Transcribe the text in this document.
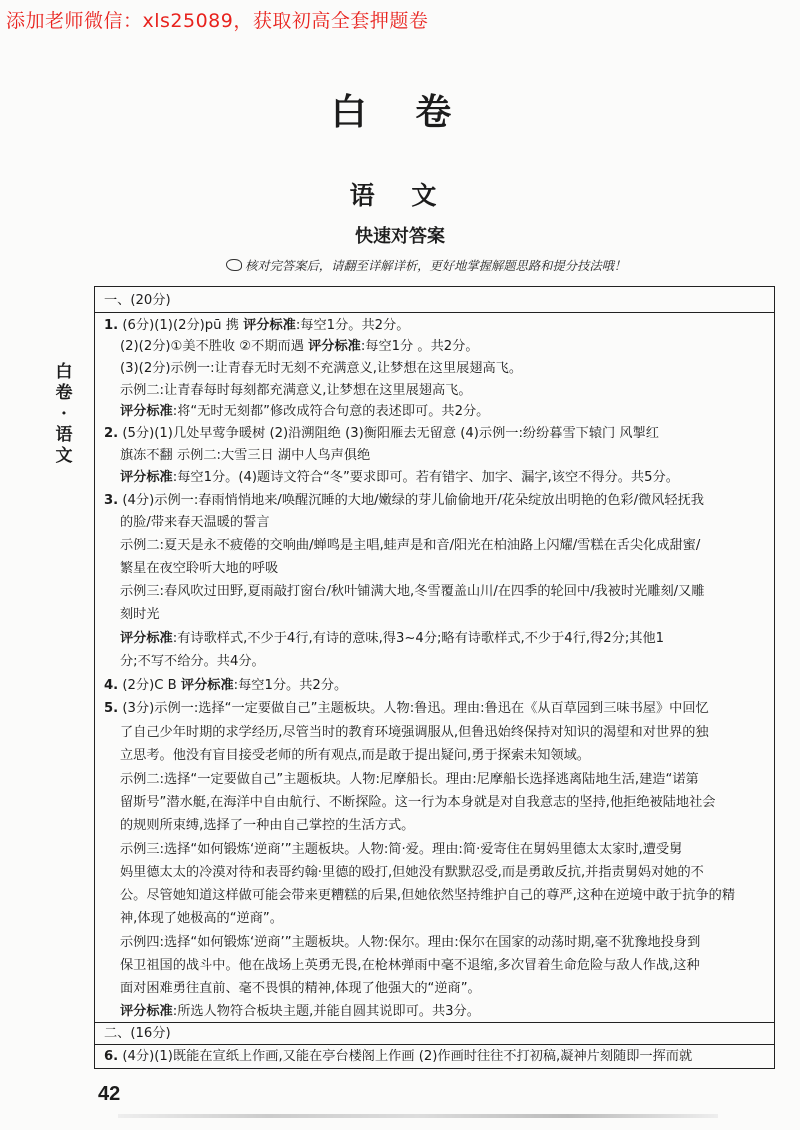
添加老师微信：xls25089，获取初高全套押题卷
白 卷
语 文
快速对答案
核对完答案后，请翻至详解详析，更好地掌握解题思路和提分技法哦！
白
卷
·
语
文
一、(20分)
1. (6分)(1)(2分)pū 携 评分标准:每空1分。共2分。
(2)(2分)①美不胜收 ②不期而遇 评分标准:每空1分 。共2分。
(3)(2分)示例一:让青春无时无刻不充满意义,让梦想在这里展翅高飞。
示例二:让青春每时每刻都充满意义,让梦想在这里展翅高飞。
评分标准:将“无时无刻都”修改成符合句意的表述即可。共2分。
2. (5分)(1)几处早莺争暖树 (2)沿溯阻绝 (3)衡阳雁去无留意 (4)示例一:纷纷暮雪下辕门 风掣红
旗冻不翻 示例二:大雪三日 湖中人鸟声俱绝
评分标准:每空1分。(4)题诗文符合“冬”要求即可。若有错字、加字、漏字,该空不得分。共5分。
3. (4分)示例一:春雨悄悄地来/唤醒沉睡的大地/嫩绿的芽儿偷偷地开/花朵绽放出明艳的色彩/微风轻抚我
的脸/带来春天温暖的誓言
示例二:夏天是永不疲倦的交响曲/蝉鸣是主唱,蛙声是和音/阳光在柏油路上闪耀/雪糕在舌尖化成甜蜜/
繁星在夜空聆听大地的呼吸
示例三:春风吹过田野,夏雨敲打窗台/秋叶铺满大地,冬雪覆盖山川/在四季的轮回中/我被时光雕刻/又雕
刻时光
评分标准:有诗歌样式,不少于4行,有诗的意味,得3~4分;略有诗歌样式,不少于4行,得2分;其他1
分;不写不给分。共4分。
4. (2分)C B 评分标准:每空1分。共2分。
5. (3分)示例一:选择“一定要做自己”主题板块。人物:鲁迅。理由:鲁迅在《从百草园到三味书屋》中回忆
了自己少年时期的求学经历,尽管当时的教育环境强调服从,但鲁迅始终保持对知识的渴望和对世界的独
立思考。他没有盲目接受老师的所有观点,而是敢于提出疑问,勇于探索未知领域。
示例二:选择“一定要做自己”主题板块。人物:尼摩船长。理由:尼摩船长选择逃离陆地生活,建造“诺第
留斯号”潜水艇,在海洋中自由航行、不断探险。这一行为本身就是对自我意志的坚持,他拒绝被陆地社会
的规则所束缚,选择了一种由自己掌控的生活方式。
示例三:选择“如何锻炼‘逆商’”主题板块。人物:简·爱。理由:简·爱寄住在舅妈里德太太家时,遭受舅
妈里德太太的冷漠对待和表哥约翰·里德的殴打,但她没有默默忍受,而是勇敢反抗,并指责舅妈对她的不
公。尽管她知道这样做可能会带来更糟糕的后果,但她依然坚持维护自己的尊严,这种在逆境中敢于抗争的精
神,体现了她极高的“逆商”。
示例四:选择“如何锻炼‘逆商’”主题板块。人物:保尔。理由:保尔在国家的动荡时期,毫不犹豫地投身到
保卫祖国的战斗中。他在战场上英勇无畏,在枪林弹雨中毫不退缩,多次冒着生命危险与敌人作战,这种
面对困难勇往直前、毫不畏惧的精神,体现了他强大的“逆商”。
评分标准:所选人物符合板块主题,并能自圆其说即可。共3分。
二、(16分)
6. (4分)(1)既能在宣纸上作画,又能在亭台楼阁上作画 (2)作画时往往不打初稿,凝神片刻随即一挥而就
42
